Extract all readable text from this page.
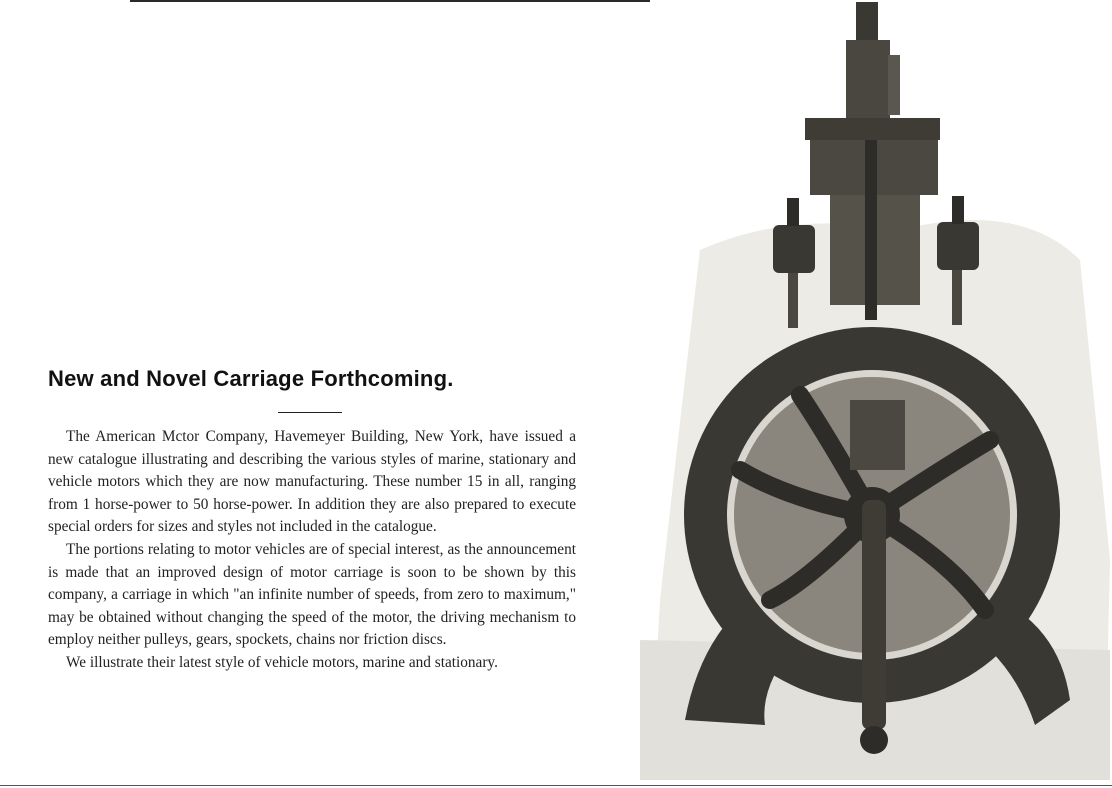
New and Novel Carriage Forthcoming.

The American Mctor Company, Havemeyer Building, New York, have issued a new catalogue illustrating and describing the various styles of marine, stationary and vehicle motors which they are now manufacturing. These number 15 in all, ranging from 1 horse-power to 50 horse-power. In addition they are also prepared to execute special orders for sizes and styles not included in the catalogue.

The portions relating to motor vehicles are of special interest, as the announcement is made that an improved design of motor carriage is soon to be shown by this company, a carriage in which "an infinite number of speeds, from zero to maximum," may be obtained without changing the speed of the motor, the driving mechanism to employ neither pulleys, gears, spockets, chains nor friction discs.

We illustrate their latest style of vehicle motors, marine and stationary.
